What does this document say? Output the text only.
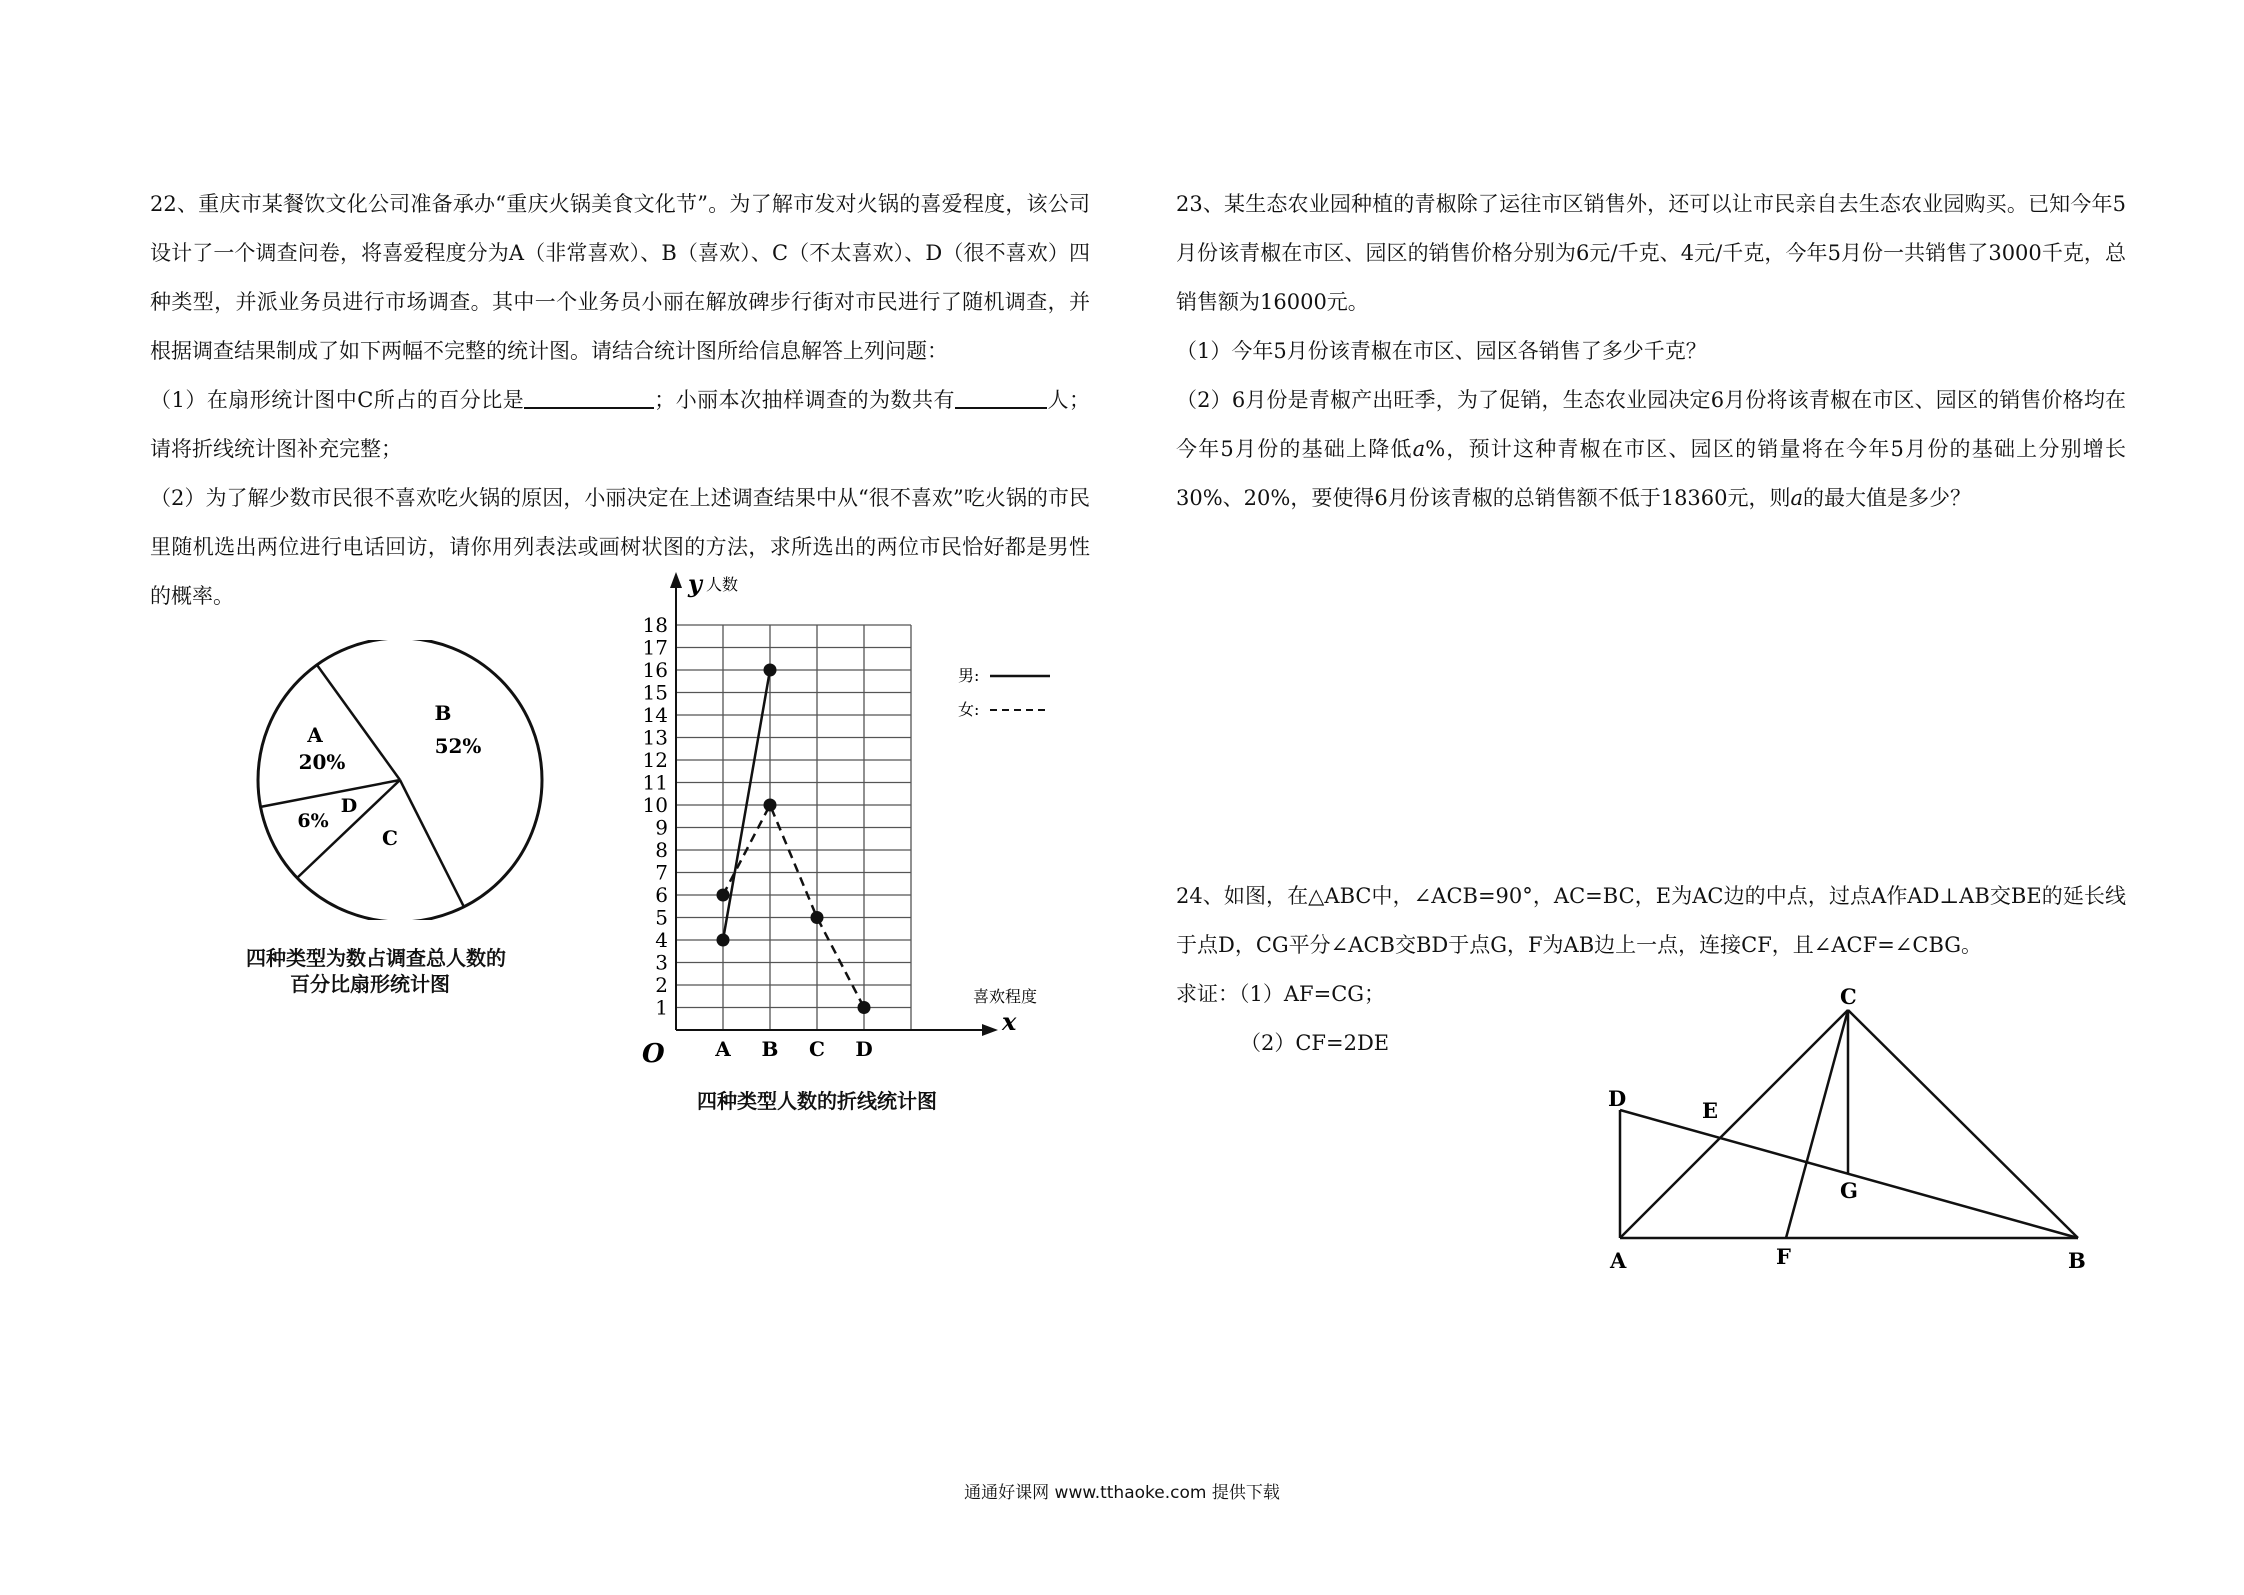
22、重庆市某餐饮文化公司准备承办“重庆火锅美食文化节”。为了解市发对火锅的喜爱程度，该公司设计了一个调查问卷，将喜爱程度分为A（非常喜欢）、B（喜欢）、C（不太喜欢）、D（很不喜欢）四种类型，并派业务员进行市场调查。其中一个业务员小丽在解放碑步行街对市民进行了随机调查，并根据调查结果制成了如下两幅不完整的统计图。请结合统计图所给信息解答上列问题：

（1）在扇形统计图中C所占的百分比是	；小丽本次抽样调查的为数共有	人；请将折线统计图补充完整；

（2）为了解少数市民很不喜欢吃火锅的原因，小丽决定在上述调查结果中从“很不喜欢”吃火锅的市民里随机选出两位进行电话回访，请你用列表法或画树状图的方法，求所选出的两位市民恰好都是男性的概率。

A
20%
B
52%
D
6%
C
四种类型为数占调查总人数的
百分比扇形统计图
1
2
3
4
5
6
7
8
9
10
11
12
13
14
15
16
17
18
A B C D
y 人数
x
喜欢程度
O
男:
女:
四种类型人数的折线统计图

23、某生态农业园种植的青椒除了运往市区销售外，还可以让市民亲自去生态农业园购买。已知今年5月份该青椒在市区、园区的销售价格分别为6元/千克、4元/千克，今年5月份一共销售了3000千克，总销售额为16000元。

（1）今年5月份该青椒在市区、园区各销售了多少千克？

（2）6月份是青椒产出旺季，为了促销，生态农业园决定6月份将该青椒在市区、园区的销售价格均在今年5月份的基础上降低a%，预计这种青椒在市区、园区的销量将在今年5月份的基础上分别增长30%、20%，要使得6月份该青椒的总销售额不低于18360元，则a的最大值是多少？

24、如图，在△ABC中，∠ACB=90°，AC=BC，E为AC边的中点，过点A作AD⊥AB交BE的延长线于点D，CG平分∠ACB交BD于点G，F为AB边上一点，连接CF，且∠ACF=∠CBG。

求证：（1）AF=CG；

（2）CF=2DE

C
D	E
G
A	F	B
通通好课网 www.tthaoke.com 提供下载
